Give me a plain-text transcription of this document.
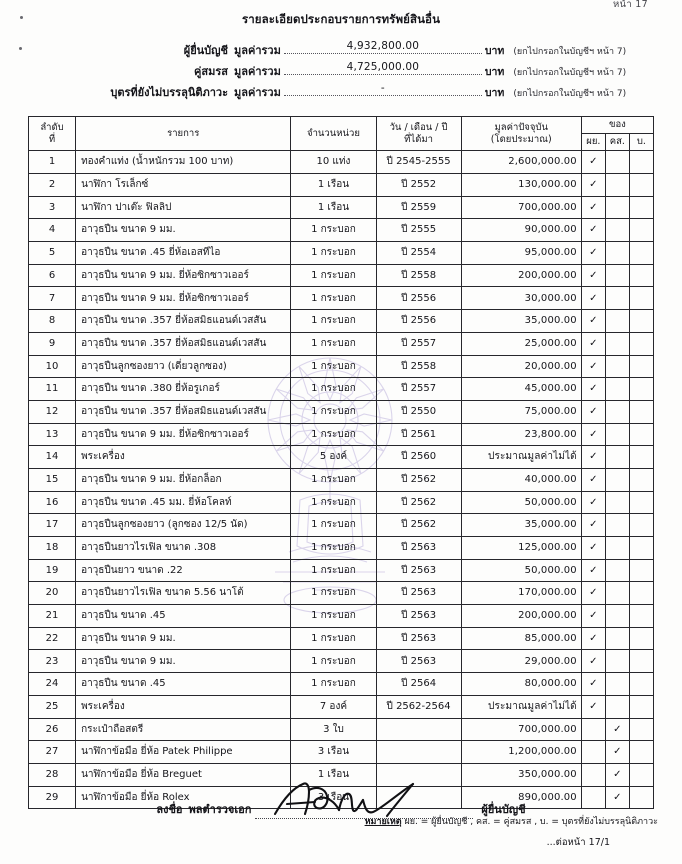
หน้า 17
รายละเอียดประกอบรายการทรัพย์สินอื่น
ผู้ยื่นบัญชี มูลค่ารวม	4,932,800.00	บาท	(ยกไปกรอกในบัญชีฯ หน้า 7)
คู่สมรส มูลค่ารวม	4,725,000.00	บาท	(ยกไปกรอกในบัญชีฯ หน้า 7)
บุตรที่ยังไม่บรรลุนิติภาวะ มูลค่ารวม	-	บาท	(ยกไปกรอกในบัญชีฯ หน้า 7)
ลำดับ
ที่	รายการ	จำนวนหน่วย	วัน / เดือน / ปี
ที่ได้มา	มูลค่าปัจจุบัน
(โดยประมาณ)	ของ		
					ผย.	คส.	บ.
1	ทองคำแท่ง (น้ำหนักรวม 100 บาท)	10 แท่ง	ปี 2545-2555	2,600,000.00	✓		
2	นาฬิกา โรเล็กซ์	1 เรือน	ปี 2552	130,000.00	✓		
3	นาฬิกา ปาเต๊ะ ฟิลลิป	1 เรือน	ปี 2559	700,000.00	✓		
4	อาวุธปืน ขนาด 9 มม.	1 กระบอก	ปี 2555	90,000.00	✓		
5	อาวุธปืน ขนาด .45 ยี่ห้อเอสทีไอ	1 กระบอก	ปี 2554	95,000.00	✓		
6	อาวุธปืน ขนาด 9 มม. ยี่ห้อซิกซาวเออร์	1 กระบอก	ปี 2558	200,000.00	✓		
7	อาวุธปืน ขนาด 9 มม. ยี่ห้อซิกซาวเออร์	1 กระบอก	ปี 2556	30,000.00	✓		
8	อาวุธปืน ขนาด .357 ยี่ห้อสมิธแอนด์เวสสัน	1 กระบอก	ปี 2556	35,000.00	✓		
9	อาวุธปืน ขนาด .357 ยี่ห้อสมิธแอนด์เวสสัน	1 กระบอก	ปี 2557	25,000.00	✓		
10	อาวุธปืนลูกซองยาว (เดี่ยวลูกซอง)	1 กระบอก	ปี 2558	20,000.00	✓		
11	อาวุธปืน ขนาด .380 ยี่ห้อรูเกอร์	1 กระบอก	ปี 2557	45,000.00	✓		
12	อาวุธปืน ขนาด .357 ยี่ห้อสมิธแอนด์เวสสัน	1 กระบอก	ปี 2550	75,000.00	✓		
13	อาวุธปืน ขนาด 9 มม. ยี่ห้อซิกซาวเออร์	1 กระบอก	ปี 2561	23,800.00	✓		
14	พระเครื่อง	5 องค์	ปี 2560	ประมาณมูลค่าไม่ได้	✓		
15	อาวุธปืน ขนาด 9 มม. ยี่ห้อกล็อก	1 กระบอก	ปี 2562	40,000.00	✓		
16	อาวุธปืน ขนาด .45 มม. ยี่ห้อโคลท์	1 กระบอก	ปี 2562	50,000.00	✓		
17	อาวุธปืนลูกซองยาว (ลูกซอง 12/5 นัด)	1 กระบอก	ปี 2562	35,000.00	✓		
18	อาวุธปืนยาวไรเฟิล ขนาด .308	1 กระบอก	ปี 2563	125,000.00	✓		
19	อาวุธปืนยาว ขนาด .22	1 กระบอก	ปี 2563	50,000.00	✓		
20	อาวุธปืนยาวไรเฟิล ขนาด 5.56 นาโต้	1 กระบอก	ปี 2563	170,000.00	✓		
21	อาวุธปืน ขนาด .45	1 กระบอก	ปี 2563	200,000.00	✓		
22	อาวุธปืน ขนาด 9 มม.	1 กระบอก	ปี 2563	85,000.00	✓		
23	อาวุธปืน ขนาด 9 มม.	1 กระบอก	ปี 2563	29,000.00	✓		
24	อาวุธปืน ขนาด .45	1 กระบอก	ปี 2564	80,000.00	✓		
25	พระเครื่อง	7 องค์	ปี 2562-2564	ประมาณมูลค่าไม่ได้	✓		
26	กระเป๋าถือสตรี	3 ใบ		700,000.00		✓	
27	นาฬิกาข้อมือ ยี่ห้อ Patek Philippe	3 เรือน		1,200,000.00		✓	
28	นาฬิกาข้อมือ ยี่ห้อ Breguet	1 เรือน		350,000.00		✓	
29	นาฬิกาข้อมือ ยี่ห้อ Rolex	3 เรือน		890,000.00		✓	
หมายเหตุ ผย. = ผู้ยื่นบัญชี , คส. = คู่สมรส , บ. = บุตรที่ยังไม่บรรลุนิติภาวะ
...ต่อหน้า 17/1
ลงชื่อ พลตำรวจเอก	ผู้ยื่นบัญชี
